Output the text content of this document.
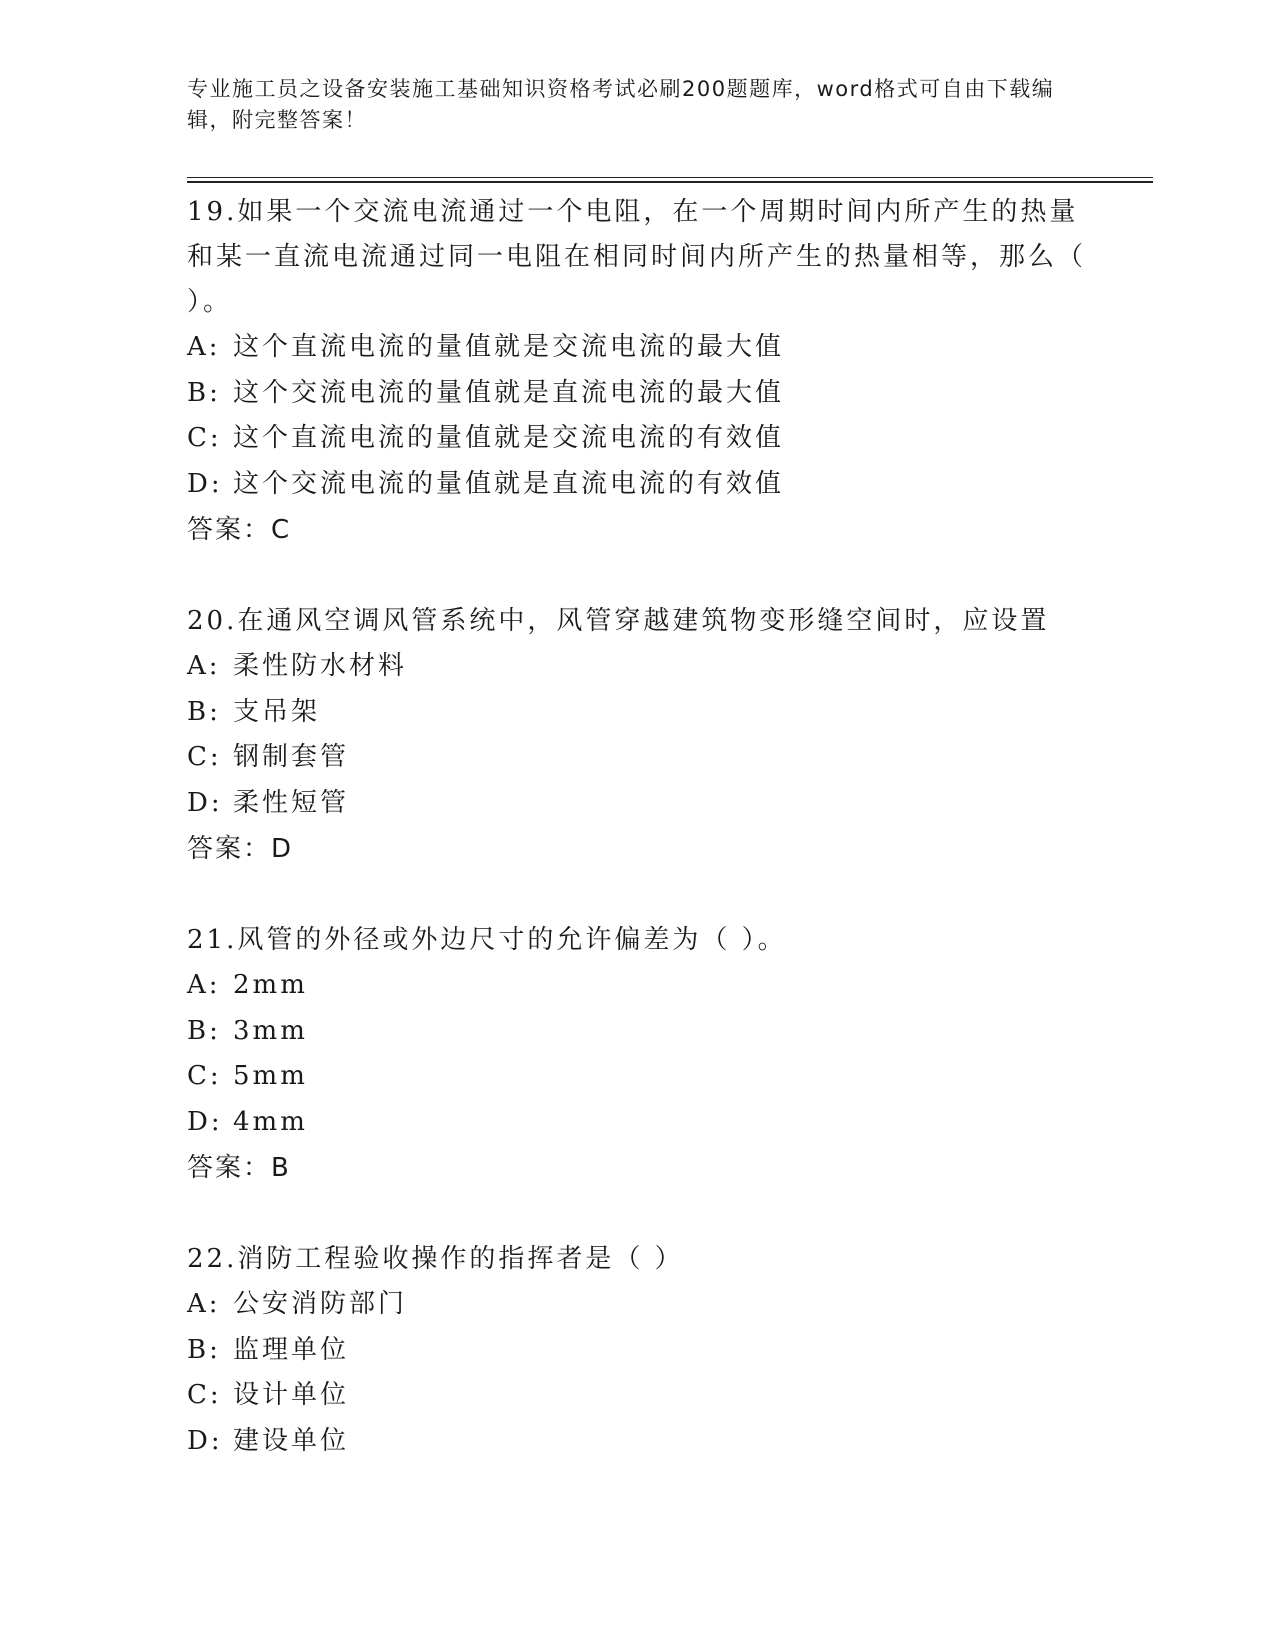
专业施工员之设备安装施工基础知识资格考试必刷200题题库，word格式可自由下载编辑，附完整答案！

19.如果一个交流电流通过一个电阻，在一个周期时间内所产生的热量和某一直流电流通过同一电阻在相同时间内所产生的热量相等，那么（ ）。

A: 这个直流电流的量值就是交流电流的最大值

B: 这个交流电流的量值就是直流电流的最大值

C: 这个直流电流的量值就是交流电流的有效值

D: 这个交流电流的量值就是直流电流的有效值

答案：C

20.在通风空调风管系统中，风管穿越建筑物变形缝空间时，应设置

A: 柔性防水材料

B: 支吊架

C: 钢制套管

D: 柔性短管

答案：D

21.风管的外径或外边尺寸的允许偏差为（ ）。

A: 2mm

B: 3mm

C: 5mm

D: 4mm

答案：B

22.消防工程验收操作的指挥者是（ ）

A: 公安消防部门

B: 监理单位

C: 设计单位

D: 建设单位
